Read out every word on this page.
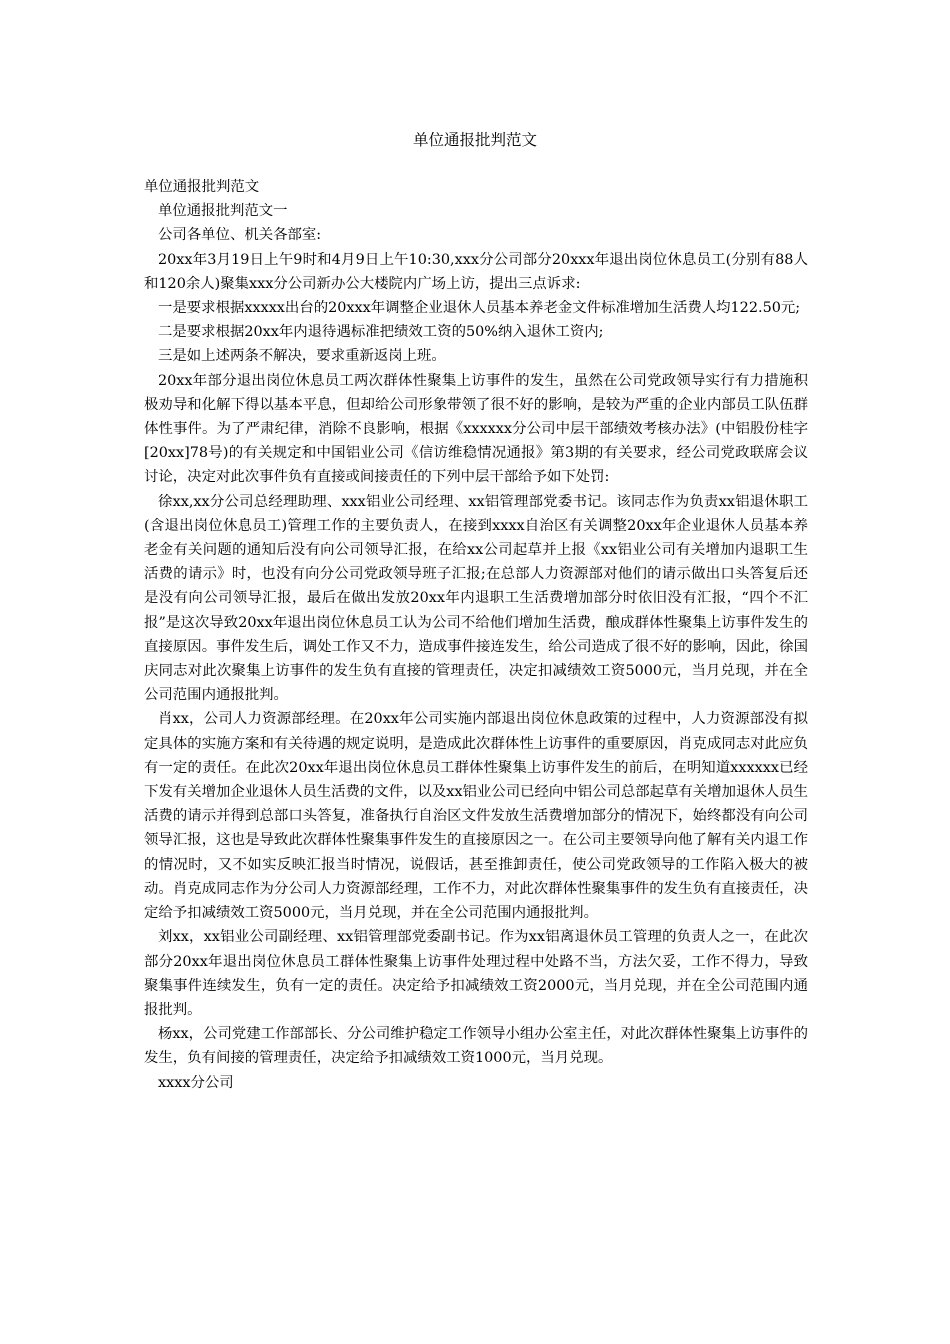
单位通报批判范文

单位通报批判范文

单位通报批判范文一

公司各单位、机关各部室:

20xx年3月19日上午9时和4月9日上午10:30,xxx分公司部分20xxx年退出岗位休息员工(分别有88人和120余人)聚集xxx分公司新办公大楼院内广场上访，提出三点诉求:

一是要求根据xxxxx出台的20xxx年调整企业退休人员基本养老金文件标准增加生活费人均122.50元;

二是要求根据20xx年内退待遇标准把绩效工资的50%纳入退休工资内;

三是如上述两条不解决，要求重新返岗上班。

20xx年部分退出岗位休息员工两次群体性聚集上访事件的发生，虽然在公司党政领导实行有力措施积极劝导和化解下得以基本平息，但却给公司形象带领了很不好的影响，是较为严重的企业内部员工队伍群体性事件。为了严肃纪律，消除不良影响，根据《xxxxxx分公司中层干部绩效考核办法》(中铝股份桂字[20xx]78号)的有关规定和中国铝业公司《信访维稳情况通报》第3期的有关要求，经公司党政联席会议讨论，决定对此次事件负有直接或间接责任的下列中层干部给予如下处罚:

徐xx,xx分公司总经理助理、xxx铝业公司经理、xx铝管理部党委书记。该同志作为负责xx铝退休职工(含退出岗位休息员工)管理工作的主要负责人，在接到xxxx自治区有关调整20xx年企业退休人员基本养老金有关问题的通知后没有向公司领导汇报，在给xx公司起草并上报《xx铝业公司有关增加内退职工生活费的请示》时，也没有向分公司党政领导班子汇报;在总部人力资源部对他们的请示做出口头答复后还是没有向公司领导汇报，最后在做出发放20xx年内退职工生活费增加部分时依旧没有汇报，“四个不汇报”是这次导致20xx年退出岗位休息员工认为公司不给他们增加生活费，酿成群体性聚集上访事件发生的直接原因。事件发生后，调处工作又不力，造成事件接连发生，给公司造成了很不好的影响，因此，徐国庆同志对此次聚集上访事件的发生负有直接的管理责任，决定扣减绩效工资5000元，当月兑现，并在全公司范围内通报批判。

肖xx，公司人力资源部经理。在20xx年公司实施内部退出岗位休息政策的过程中，人力资源部没有拟定具体的实施方案和有关待遇的规定说明，是造成此次群体性上访事件的重要原因，肖克成同志对此应负有一定的责任。在此次20xx年退出岗位休息员工群体性聚集上访事件发生的前后，在明知道xxxxxx已经下发有关增加企业退休人员生活费的文件，以及xx铝业公司已经向中铝公司总部起草有关增加退休人员生活费的请示并得到总部口头答复，准备执行自治区文件发放生活费增加部分的情况下，始终都没有向公司领导汇报，这也是导致此次群体性聚集事件发生的直接原因之一。在公司主要领导向他了解有关内退工作的情况时，又不如实反映汇报当时情况，说假话，甚至推卸责任，使公司党政领导的工作陷入极大的被动。肖克成同志作为分公司人力资源部经理，工作不力，对此次群体性聚集事件的发生负有直接责任，决定给予扣减绩效工资5000元，当月兑现，并在全公司范围内通报批判。

刘xx，xx铝业公司副经理、xx铝管理部党委副书记。作为xx铝离退休员工管理的负责人之一，在此次部分20xx年退出岗位休息员工群体性聚集上访事件处理过程中处路不当，方法欠妥，工作不得力，导致聚集事件连续发生，负有一定的责任。决定给予扣减绩效工资2000元，当月兑现，并在全公司范围内通报批判。

杨xx，公司党建工作部部长、分公司维护稳定工作领导小组办公室主任，对此次群体性聚集上访事件的发生，负有间接的管理责任，决定给予扣减绩效工资1000元，当月兑现。

xxxx分公司
